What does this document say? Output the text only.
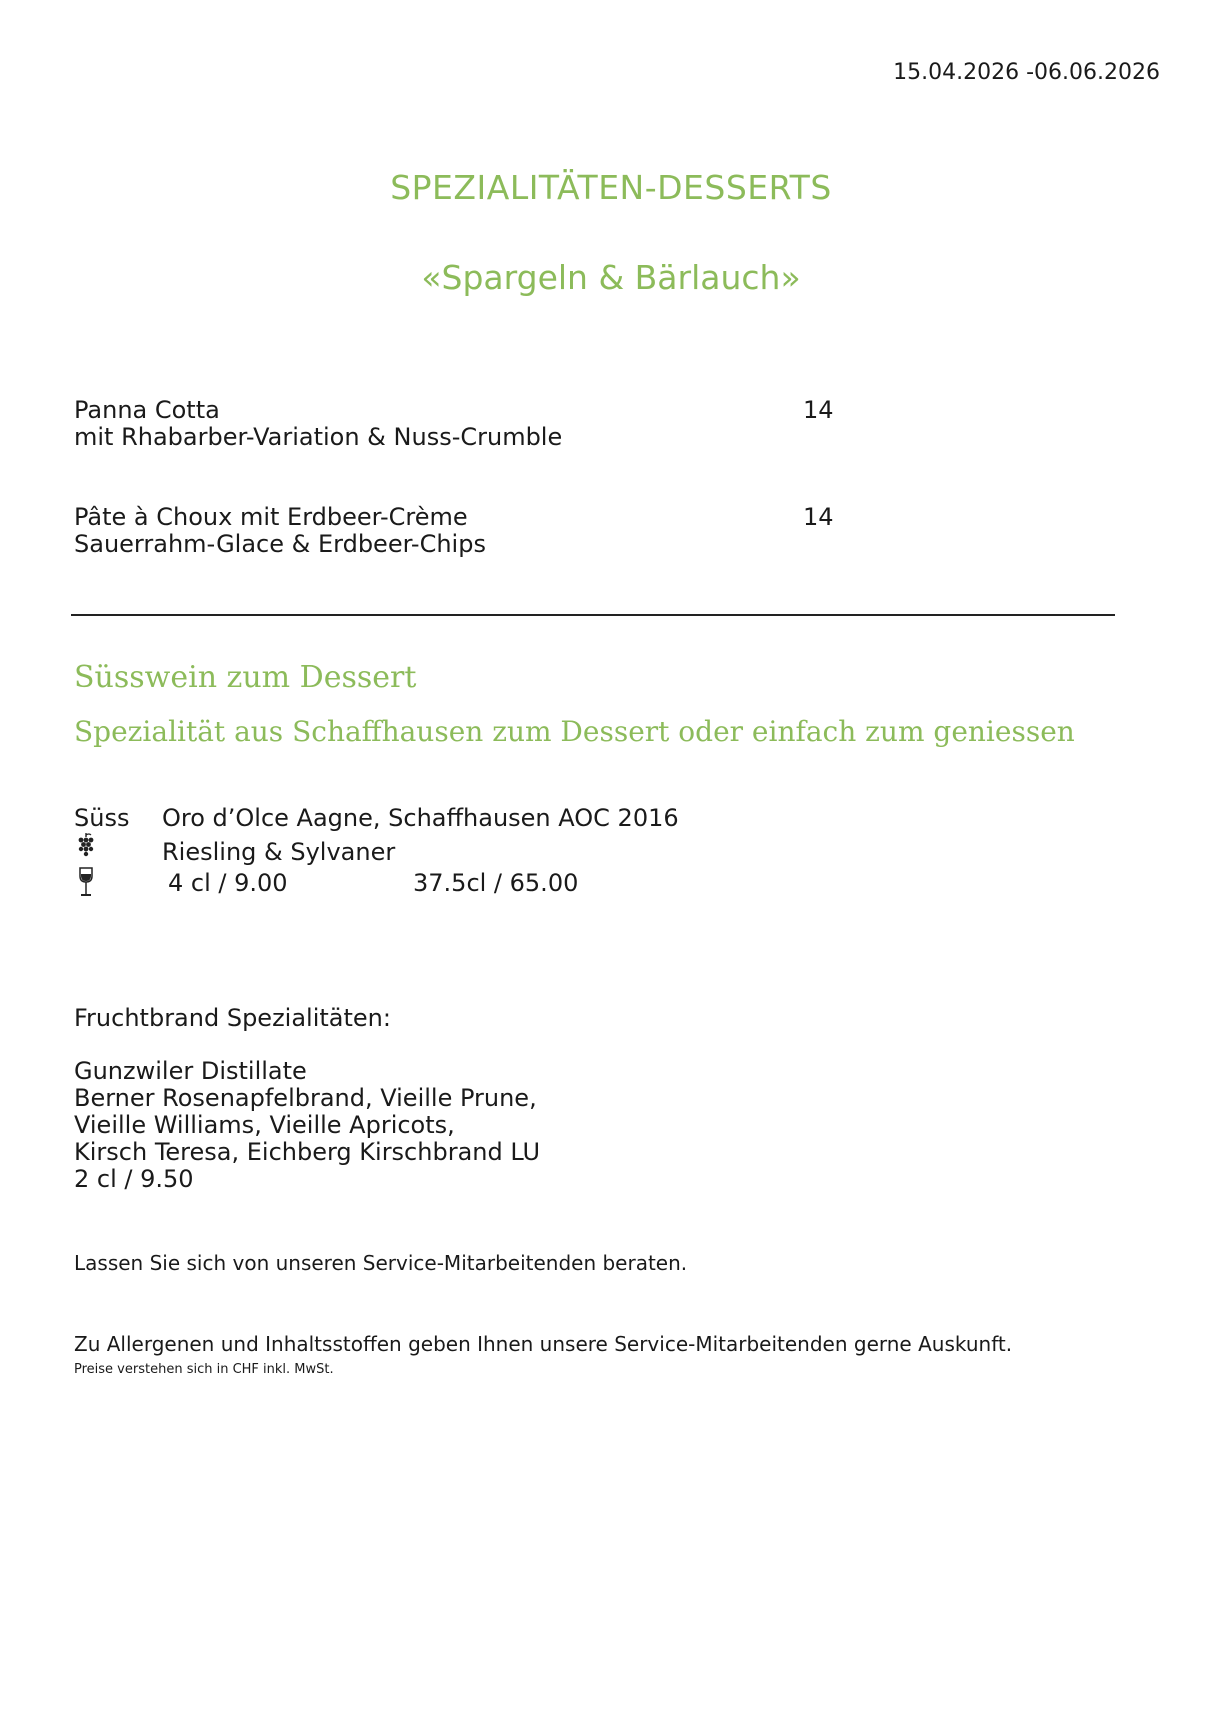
15.04.2026 -06.06.2026
SPEZIALITÄTEN-DESSERTS
«Spargeln & Bärlauch»
Panna Cotta
mit Rhabarber-Variation & Nuss-Crumble
14
Pâte à Choux mit Erdbeer-Crème
Sauerrahm-Glace & Erdbeer-Chips
14
Süsswein zum Dessert
Spezialität aus Schaffhausen zum Dessert oder einfach zum geniessen
Süss Oro d’Olce Aagne, Schaffhausen AOC 2016
Riesling & Sylvaner
4 cl / 9.00	37.5cl / 65.00
Fruchtbrand Spezialitäten:
Gunzwiler Distillate
Berner Rosenapfelbrand, Vieille Prune,
Vieille Williams, Vieille Apricots,
Kirsch Teresa, Eichberg Kirschbrand LU
2 cl / 9.50
Lassen Sie sich von unseren Service-Mitarbeitenden beraten.
Zu Allergenen und Inhaltsstoffen geben Ihnen unsere Service-Mitarbeitenden gerne Auskunft.
Preise verstehen sich in CHF inkl. MwSt.
